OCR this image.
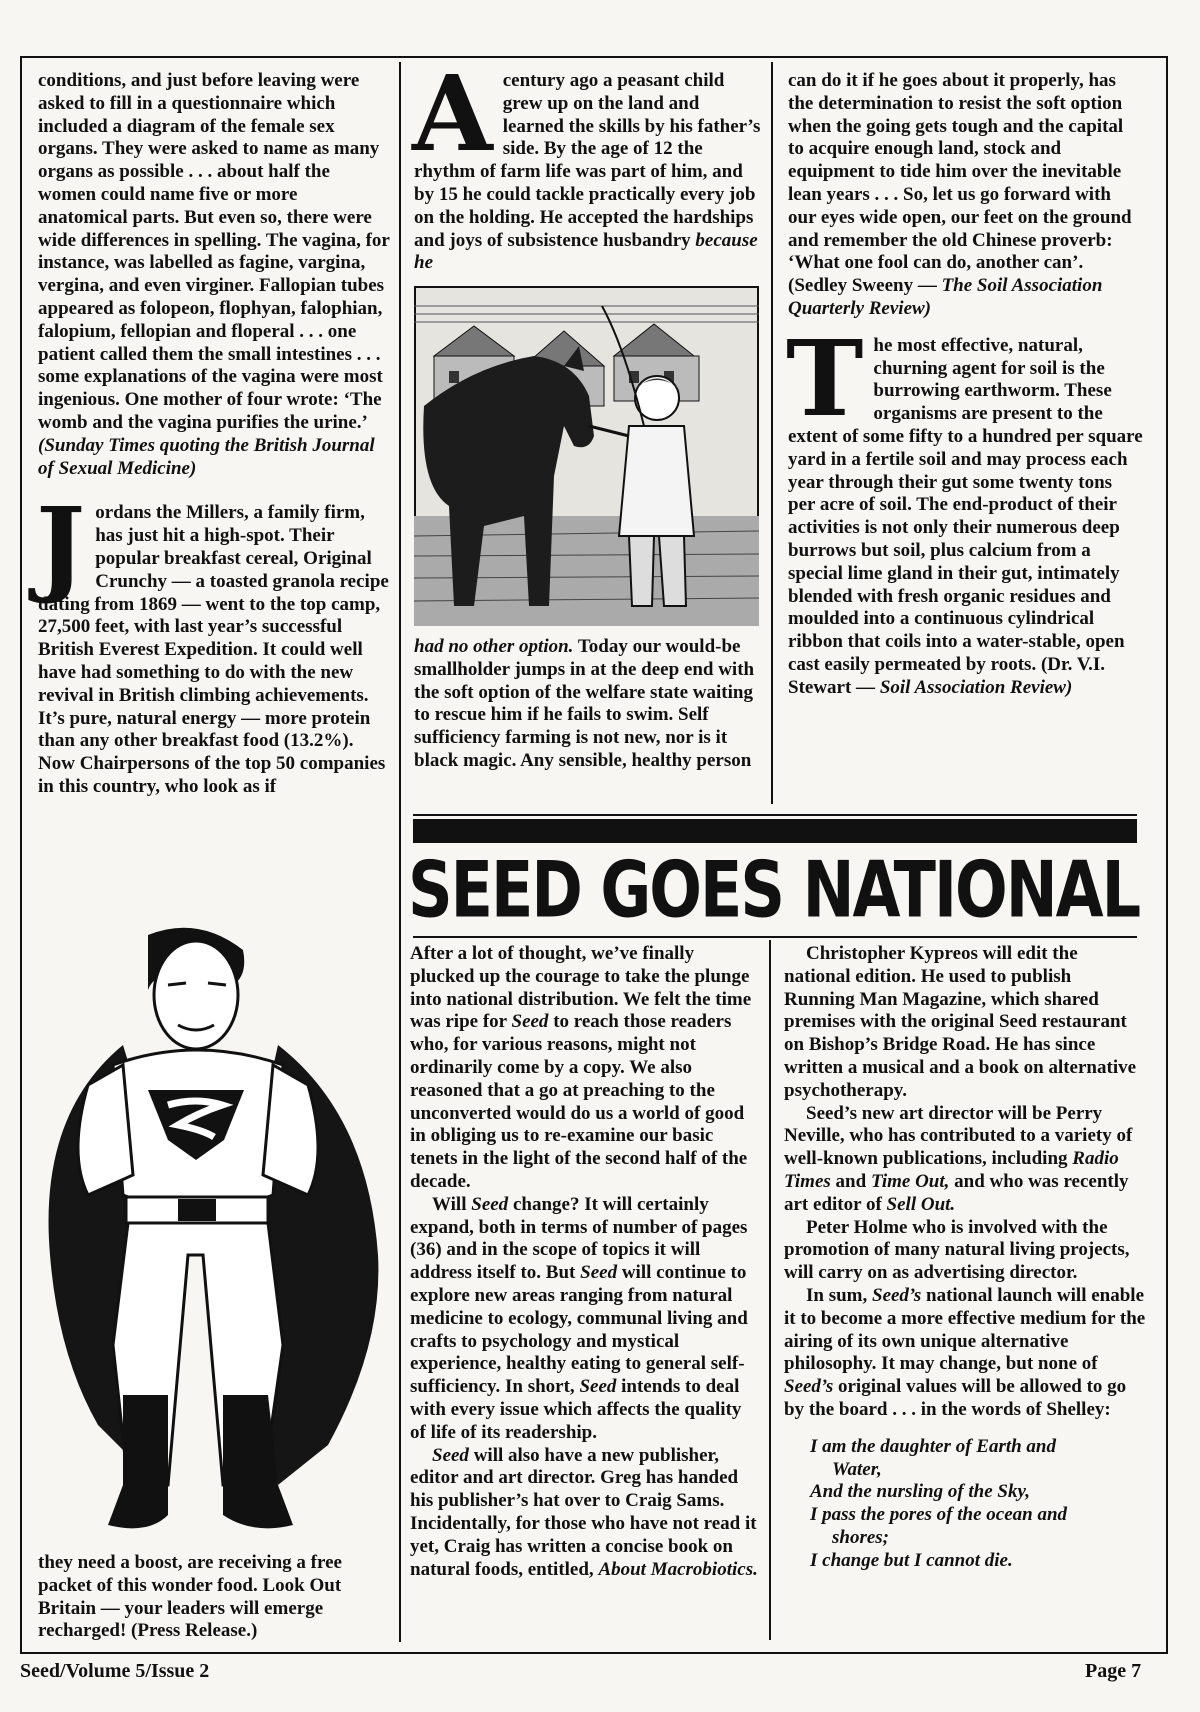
conditions, and just before leaving were asked to fill in a questionnaire which included a diagram of the female sex organs. They were asked to name as many organs as possible . . . about half the women could name five or more anatomical parts. But even so, there were wide differences in spelling. The vagina, for instance, was labelled as fagine, vargina, vergina, and even virginer. Fallopian tubes appeared as folopeon, flophyan, falophian, falopium, fellopian and floperal . . . one patient called them the small intestines . . . some explanations of the vagina were most ingenious. One mother of four wrote: ‘The womb and the vagina purifies the urine.’ (Sunday Times quoting the British Journal of Sexual Medicine)

J ordans the Millers, a family firm, has just hit a high-spot. Their popular breakfast cereal, Original Crunchy — a toasted granola recipe dating from 1869 — went to the top camp, 27,500 feet, with last year’s successful British Everest Expedition. It could well have had something to do with the new revival in British climbing achievements. It’s pure, natural energy — more protein than any other breakfast food (13.2%). Now Chairpersons of the top 50 companies in this country, who look as if

they need a boost, are receiving a free packet of this wonder food. Look Out Britain — your leaders will emerge recharged! (Press Release.)

A century ago a peasant child grew up on the land and learned the skills by his father’s side. By the age of 12 the rhythm of farm life was part of him, and by 15 he could tackle practically every job on the holding. He accepted the hardships and joys of subsistence husbandry because he

had no other option. Today our would-be smallholder jumps in at the deep end with the soft option of the welfare state waiting to rescue him if he fails to swim. Self sufficiency farming is not new, nor is it black magic. Any sensible, healthy person

can do it if he goes about it properly, has the determination to resist the soft option when the going gets tough and the capital to acquire enough land, stock and equipment to tide him over the inevitable lean years . . . So, let us go forward with our eyes wide open, our feet on the ground and remember the old Chinese proverb: ‘What one fool can do, another can’. (Sedley Sweeny — The Soil Association Quarterly Review)

T he most effective, natural, churning agent for soil is the burrowing earthworm. These organisms are present to the extent of some fifty to a hundred per square yard in a fertile soil and may process each year through their gut some twenty tons per acre of soil. The end-product of their activities is not only their numerous deep burrows but soil, plus calcium from a special lime gland in their gut, intimately blended with fresh organic residues and moulded into a continuous cylindrical ribbon that coils into a water-stable, open cast easily permeated by roots. (Dr. V.I. Stewart — Soil Association Review)

SEED GOES NATIONAL

After a lot of thought, we’ve finally plucked up the courage to take the plunge into national distribution. We felt the time was ripe for Seed to reach those readers who, for various reasons, might not ordinarily come by a copy. We also reasoned that a go at preaching to the unconverted would do us a world of good in obliging us to re-examine our basic tenets in the light of the second half of the decade.

Will Seed change? It will certainly expand, both in terms of number of pages (36) and in the scope of topics it will address itself to. But Seed will continue to explore new areas ranging from natural medicine to ecology, communal living and crafts to psychology and mystical experience, healthy eating to general self-sufficiency. In short, Seed intends to deal with every issue which affects the quality of life of its readership.

Seed will also have a new publisher, editor and art director. Greg has handed his publisher’s hat over to Craig Sams. Incidentally, for those who have not read it yet, Craig has written a concise book on natural foods, entitled, About Macrobiotics.

Christopher Kypreos will edit the national edition. He used to publish Running Man Magazine, which shared premises with the original Seed restaurant on Bishop’s Bridge Road. He has since written a musical and a book on alternative psychotherapy.

Seed’s new art director will be Perry Neville, who has contributed to a variety of well-known publications, including Radio Times and Time Out, and who was recently art editor of Sell Out.

Peter Holme who is involved with the promotion of many natural living projects, will carry on as advertising director.

In sum, Seed’s national launch will enable it to become a more effective medium for the airing of its own unique alternative philosophy. It may change, but none of Seed’s original values will be allowed to go by the board . . . in the words of Shelley:

I am the daughter of Earth and
Water,
And the nursling of the Sky,
I pass the pores of the ocean and
shores;
I change but I cannot die.
Seed/Volume 5/Issue 2	Page 7
